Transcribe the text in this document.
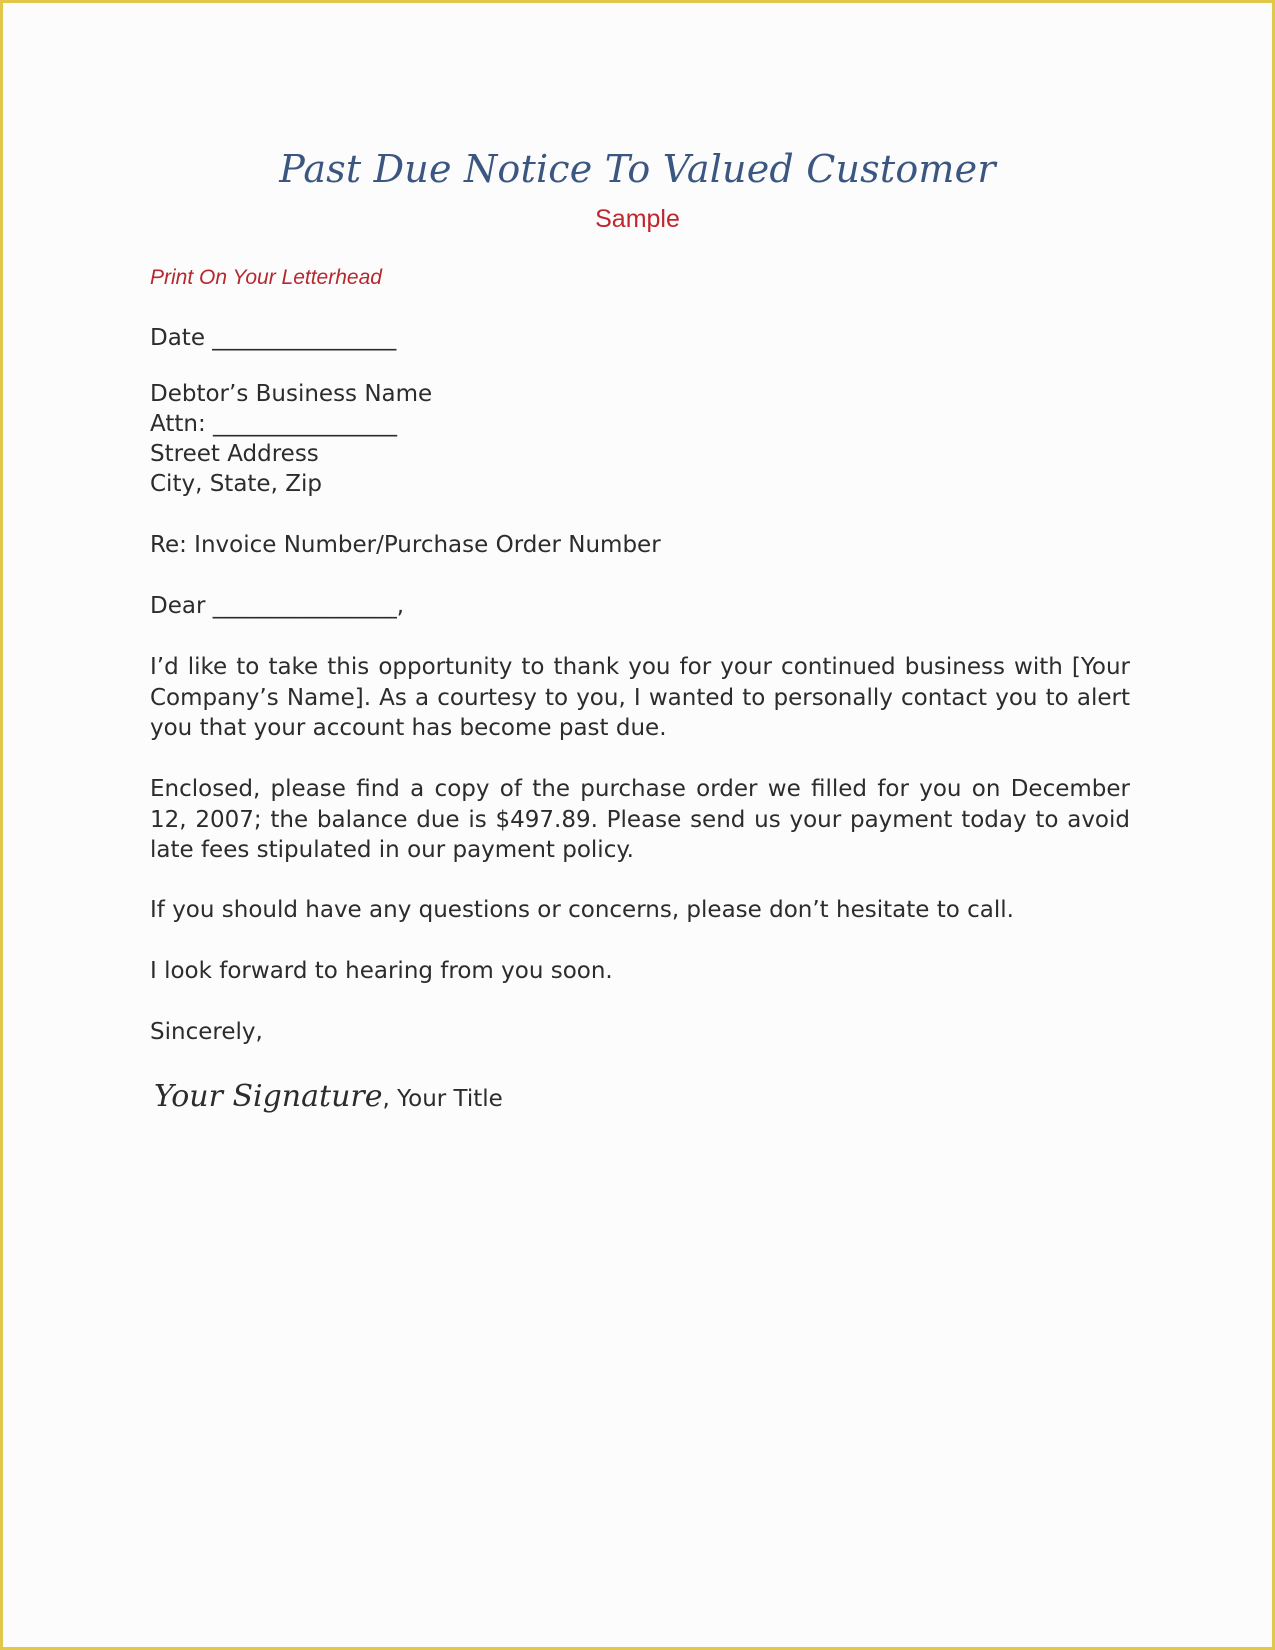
Past Due Notice To Valued Customer
Sample
Print On Your Letterhead
Date ________________
Debtor’s Business Name
Attn: ________________
Street Address
City, State, Zip
Re: Invoice Number/Purchase Order Number
Dear ________________,
I’d like to take this opportunity to thank you for your continued business with [Your Company’s Name]. As a courtesy to you, I wanted to personally contact you to alert you that your account has become past due.
Enclosed, please find a copy of the purchase order we filled for you on December 12, 2007; the balance due is $497.89. Please send us your payment today to avoid late fees stipulated in our payment policy.
If you should have any questions or concerns, please don’t hesitate to call.
I look forward to hearing from you soon.
Sincerely,
Your Signature, Your Title
